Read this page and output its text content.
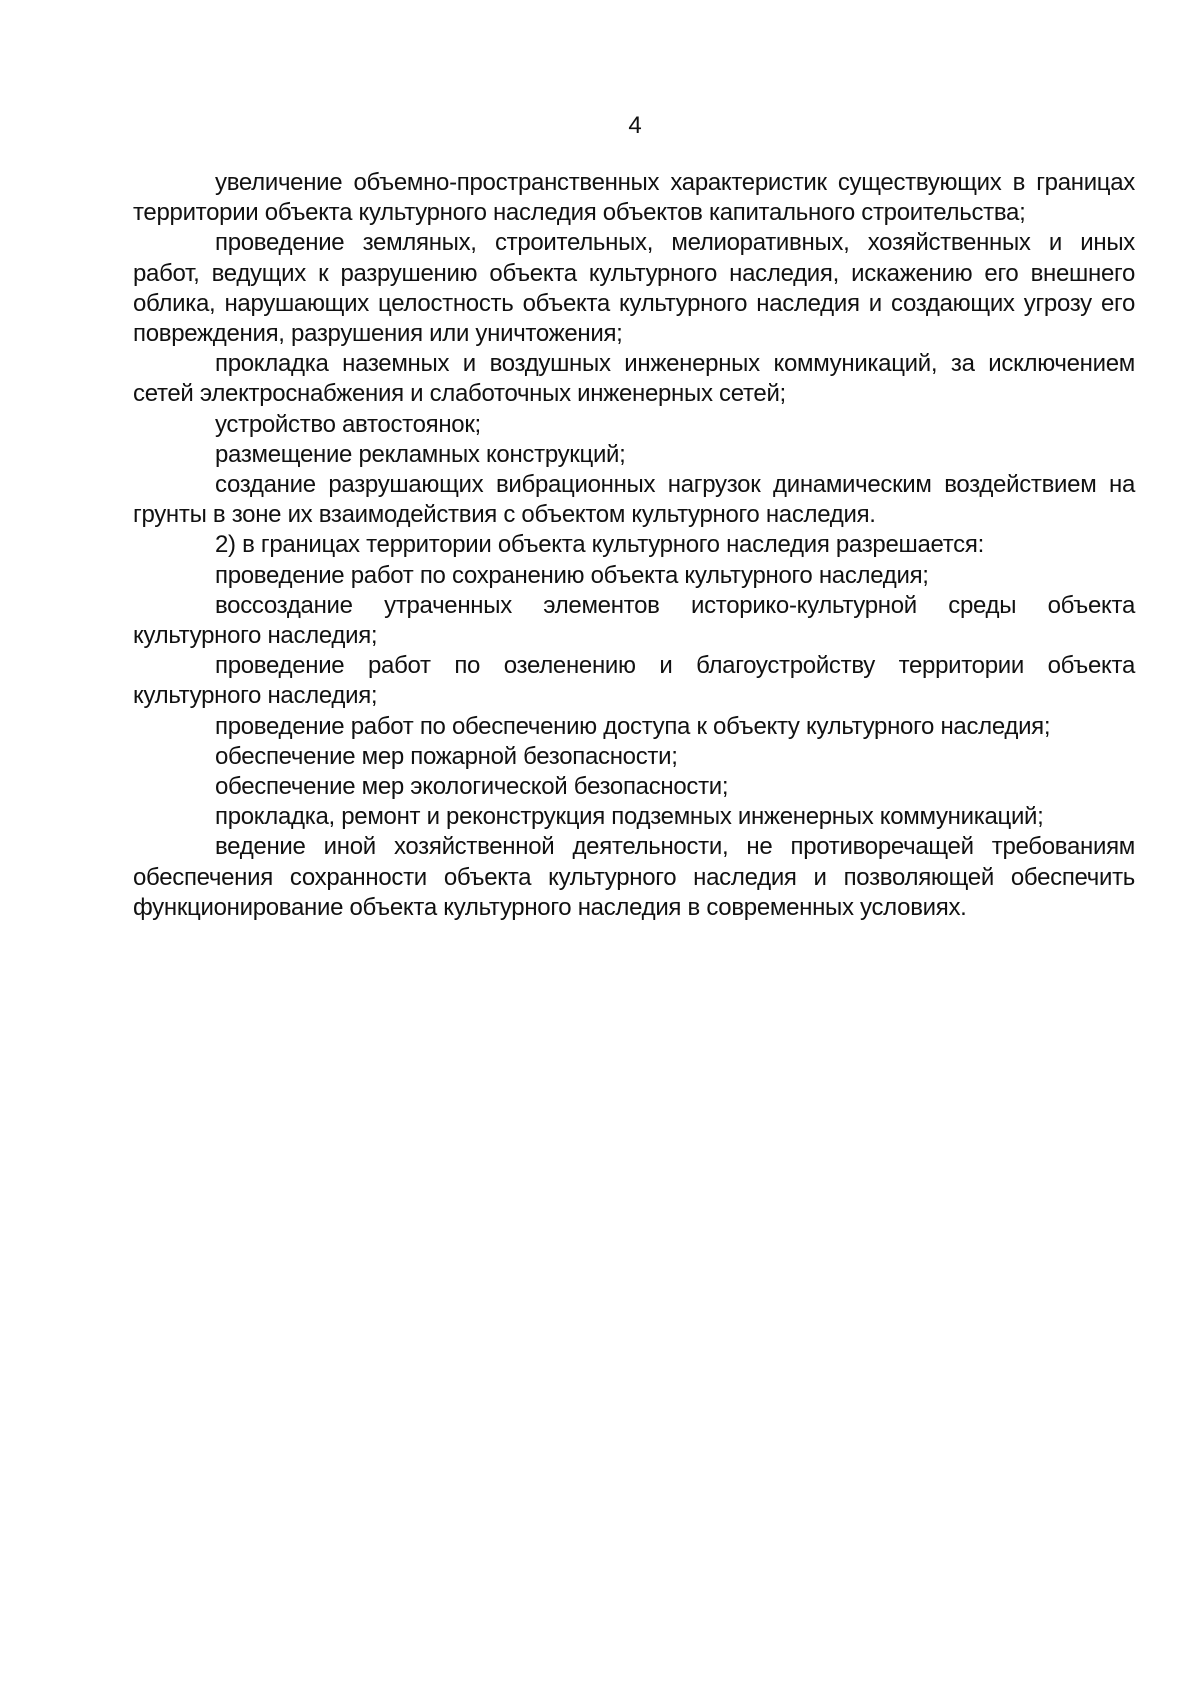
4

увеличение объемно-пространственных характеристик существующих в границах территории объекта культурного наследия объектов капитального строительства;

проведение земляных, строительных, мелиоративных, хозяйственных и иных работ, ведущих к разрушению объекта культурного наследия, искажению его внешнего облика, нарушающих целостность объекта культурного наследия и создающих угрозу его повреждения, разрушения или уничтожения;

прокладка наземных и воздушных инженерных коммуникаций, за исключением сетей электроснабжения и слаботочных инженерных сетей;

устройство автостоянок;

размещение рекламных конструкций;

создание разрушающих вибрационных нагрузок динамическим воздействием на грунты в зоне их взаимодействия с объектом культурного наследия.

2) в границах территории объекта культурного наследия разрешается:

проведение работ по сохранению объекта культурного наследия;

воссоздание утраченных элементов историко-культурной среды объекта культурного наследия;

проведение работ по озеленению и благоустройству территории объекта культурного наследия;

проведение работ по обеспечению доступа к объекту культурного наследия;

обеспечение мер пожарной безопасности;

обеспечение мер экологической безопасности;

прокладка, ремонт и реконструкция подземных инженерных коммуникаций;

ведение иной хозяйственной деятельности, не противоречащей требованиям обеспечения сохранности объекта культурного наследия и позволяющей обеспечить функционирование объекта культурного наследия в современных условиях.
